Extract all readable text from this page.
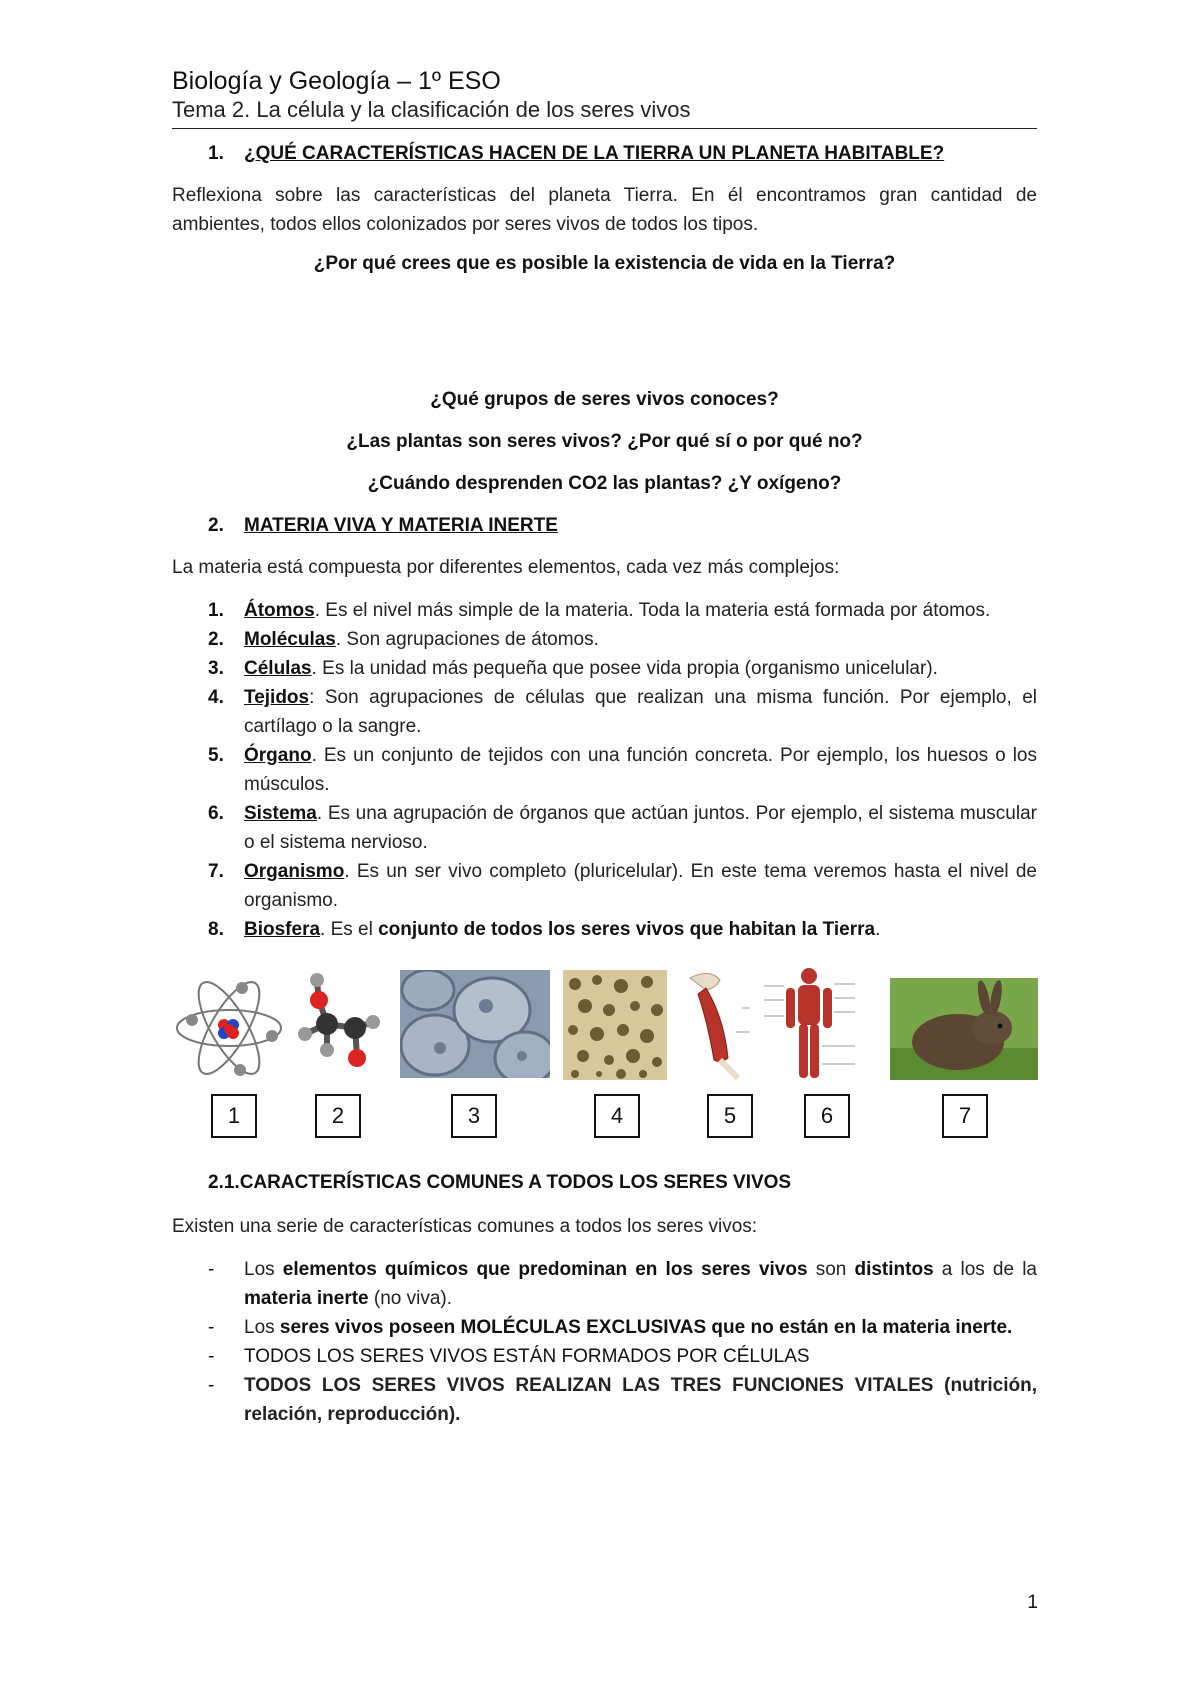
Biología y Geología – 1º ESO
Tema 2. La célula y la clasificación de los seres vivos
1.	¿QUÉ CARACTERÍSTICAS HACEN DE LA TIERRA UN PLANETA HABITABLE?

Reflexiona sobre las características del planeta Tierra. En él encontramos gran cantidad de ambientes, todos ellos colonizados por seres vivos de todos los tipos.

¿Por qué crees que es posible la existencia de vida en la Tierra?

¿Qué grupos de seres vivos conoces?

¿Las plantas son seres vivos? ¿Por qué sí o por qué no?

¿Cuándo desprenden CO2 las plantas? ¿Y oxígeno?

2.	MATERIA VIVA Y MATERIA INERTE

La materia está compuesta por diferentes elementos, cada vez más complejos:

1.	Átomos. Es el nivel más simple de la materia. Toda la materia está formada por átomos.
2.	Moléculas. Son agrupaciones de átomos.
3.	Células. Es la unidad más pequeña que posee vida propia (organismo unicelular).
4.	Tejidos: Son agrupaciones de células que realizan una misma función. Por ejemplo, el cartílago o la sangre.
5.	Órgano. Es un conjunto de tejidos con una función concreta. Por ejemplo, los huesos o los músculos.
6.	Sistema. Es una agrupación de órganos que actúan juntos. Por ejemplo, el sistema muscular o el sistema nervioso.
7.	Organismo. Es un ser vivo completo (pluricelular). En este tema veremos hasta el nivel de organismo.
8.	Biosfera. Es el conjunto de todos los seres vivos que habitan la Tierra.
1	2	3	4	5	6	7
2.1.CARACTERÍSTICAS COMUNES A TODOS LOS SERES VIVOS

Existen una serie de características comunes a todos los seres vivos:

-	Los elementos químicos que predominan en los seres vivos son distintos a los de la materia inerte (no viva).
-	Los seres vivos poseen MOLÉCULAS EXCLUSIVAS que no están en la materia inerte.
-	TODOS LOS SERES VIVOS ESTÁN FORMADOS POR CÉLULAS
-	TODOS LOS SERES VIVOS REALIZAN LAS TRES FUNCIONES VITALES (nutrición, relación, reproducción).
1
